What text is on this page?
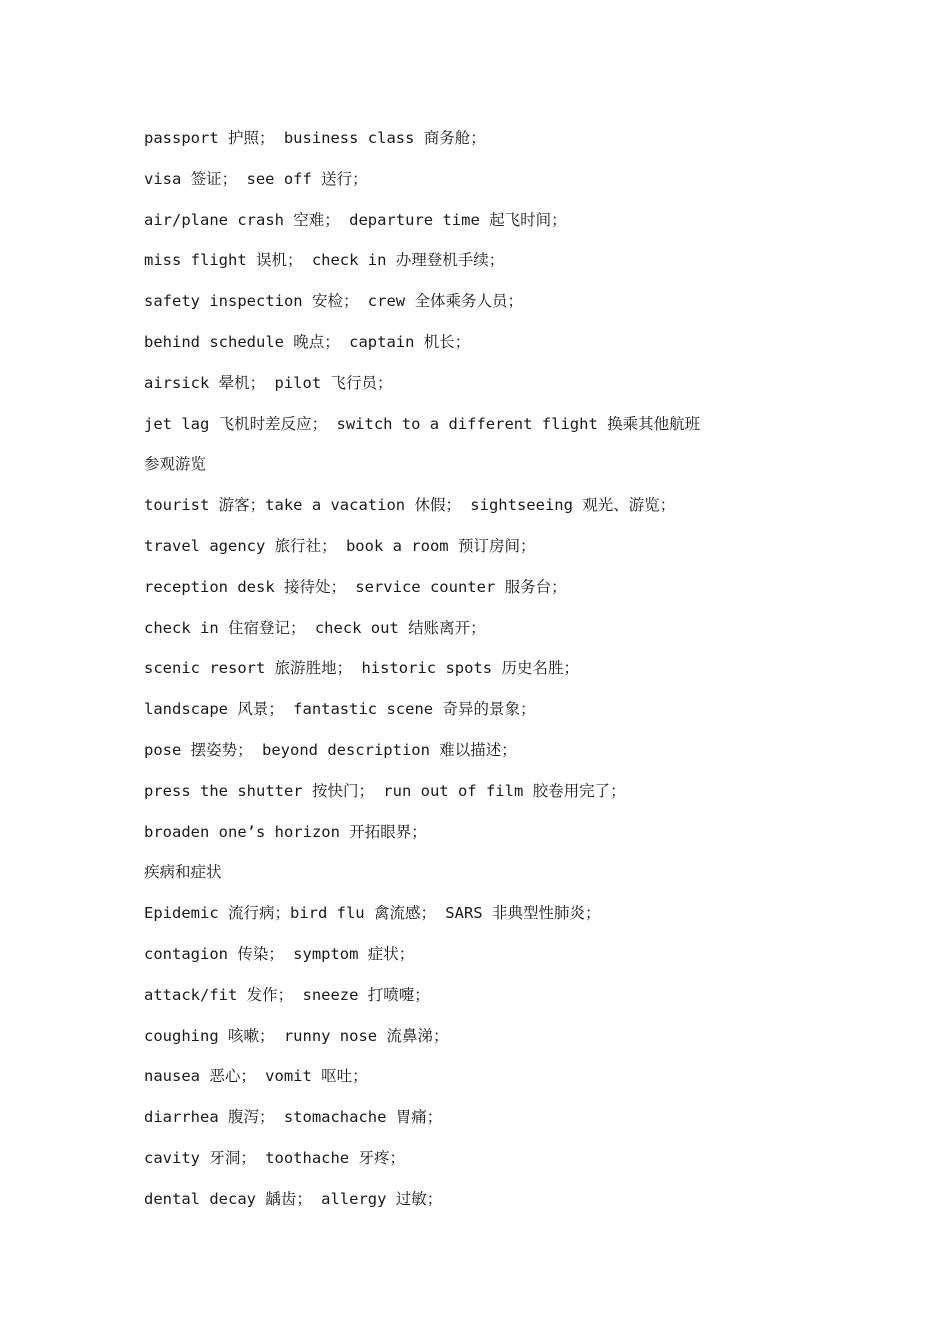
passport 护照； business class 商务舱；
visa 签证； see off 送行；
air/plane crash 空难； departure time 起飞时间；
miss flight 误机； check in 办理登机手续；
safety inspection 安检； crew 全体乘务人员；
behind schedule 晚点； captain 机长；
airsick 晕机； pilot 飞行员；
jet lag 飞机时差反应； switch to a different flight 换乘其他航班
参观游览
tourist 游客；take a vacation 休假； sightseeing 观光、游览；
travel agency 旅行社； book a room 预订房间；
reception desk 接待处； service counter 服务台；
check in 住宿登记； check out 结账离开；
scenic resort 旅游胜地； historic spots 历史名胜；
landscape 风景； fantastic scene 奇异的景象；
pose 摆姿势； beyond description 难以描述；
press the shutter 按快门； run out of film 胶卷用完了；
broaden one’s horizon 开拓眼界；
疾病和症状
Epidemic 流行病；bird flu 禽流感； SARS 非典型性肺炎；
contagion 传染； symptom 症状；
attack/fit 发作； sneeze 打喷嚏；
coughing 咳嗽； runny nose 流鼻涕；
nausea 恶心； vomit 呕吐；
diarrhea 腹泻； stomachache 胃痛；
cavity 牙洞； toothache 牙疼；
dental decay 龋齿； allergy 过敏；
